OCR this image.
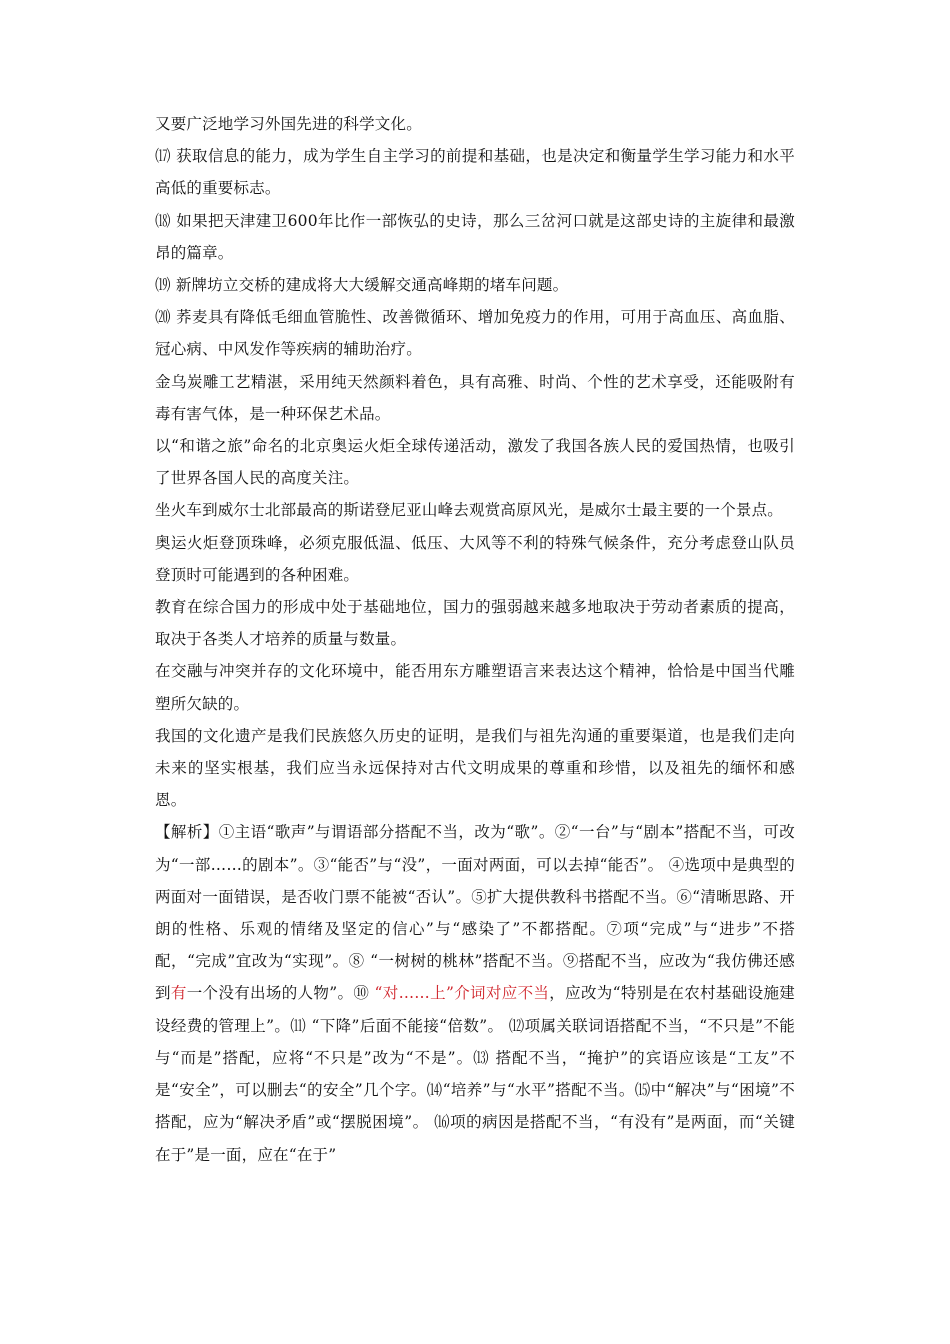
又要广泛地学习外国先进的科学文化。

⒄ 获取信息的能力，成为学生自主学习的前提和基础，也是决定和衡量学生学习能力和水平高低的重要标志。

⒅ 如果把天津建卫600年比作一部恢弘的史诗，那么三岔河口就是这部史诗的主旋律和最激昂的篇章。

⒆ 新牌坊立交桥的建成将大大缓解交通高峰期的堵车问题。

⒇ 荞麦具有降低毛细血管脆性、改善微循环、增加免疫力的作用，可用于高血压、高血脂、冠心病、中风发作等疾病的辅助治疗。

金乌炭雕工艺精湛，采用纯天然颜料着色，具有高雅、时尚、个性的艺术享受，还能吸附有毒有害气体，是一种环保艺术品。

以“和谐之旅”命名的北京奥运火炬全球传递活动，激发了我国各族人民的爱国热情，也吸引了世界各国人民的高度关注。

坐火车到威尔士北部最高的斯诺登尼亚山峰去观赏高原风光，是威尔士最主要的一个景点。

奥运火炬登顶珠峰，必须克服低温、低压、大风等不利的特殊气候条件，充分考虑登山队员登顶时可能遇到的各种困难。

教育在综合国力的形成中处于基础地位，国力的强弱越来越多地取决于劳动者素质的提高，取决于各类人才培养的质量与数量。

在交融与冲突并存的文化环境中，能否用东方雕塑语言来表达这个精神，恰恰是中国当代雕塑所欠缺的。

我国的文化遗产是我们民族悠久历史的证明，是我们与祖先沟通的重要渠道，也是我们走向未来的坚实根基，我们应当永远保持对古代文明成果的尊重和珍惜，以及祖先的缅怀和感恩。

【解析】①主语“歌声”与谓语部分搭配不当，改为“歌”。②“一台”与“剧本”搭配不当，可改为“一部……的剧本”。③“能否”与“没”，一面对两面，可以去掉“能否”。 ④选项中是典型的两面对一面错误，是否收门票不能被“否认”。⑤扩大提供教科书搭配不当。⑥“清晰思路、开朗的性格、乐观的情绪及坚定的信心”与“感染了”不都搭配。⑦项“完成”与“进步”不搭配，“完成”宜改为“实现”。⑧ “一树树的桃林”搭配不当。⑨搭配不当，应改为“我仿佛还感到有一个没有出场的人物”。⑩ “对……上”介词对应不当，应改为“特别是在农村基础设施建设经费的管理上”。⑾ “下降”后面不能接“倍数”。 ⑿项属关联词语搭配不当，“不只是”不能与“而是”搭配，应将“不只是”改为“不是”。⒀ 搭配不当，“掩护”的宾语应该是“工友”不是“安全”，可以删去“的安全”几个字。⒁“培养”与“水平”搭配不当。⒂中“解决”与“困境”不搭配，应为“解决矛盾”或“摆脱困境”。 ⒃项的病因是搭配不当，“有没有”是两面，而“关键在于”是一面，应在“在于”
